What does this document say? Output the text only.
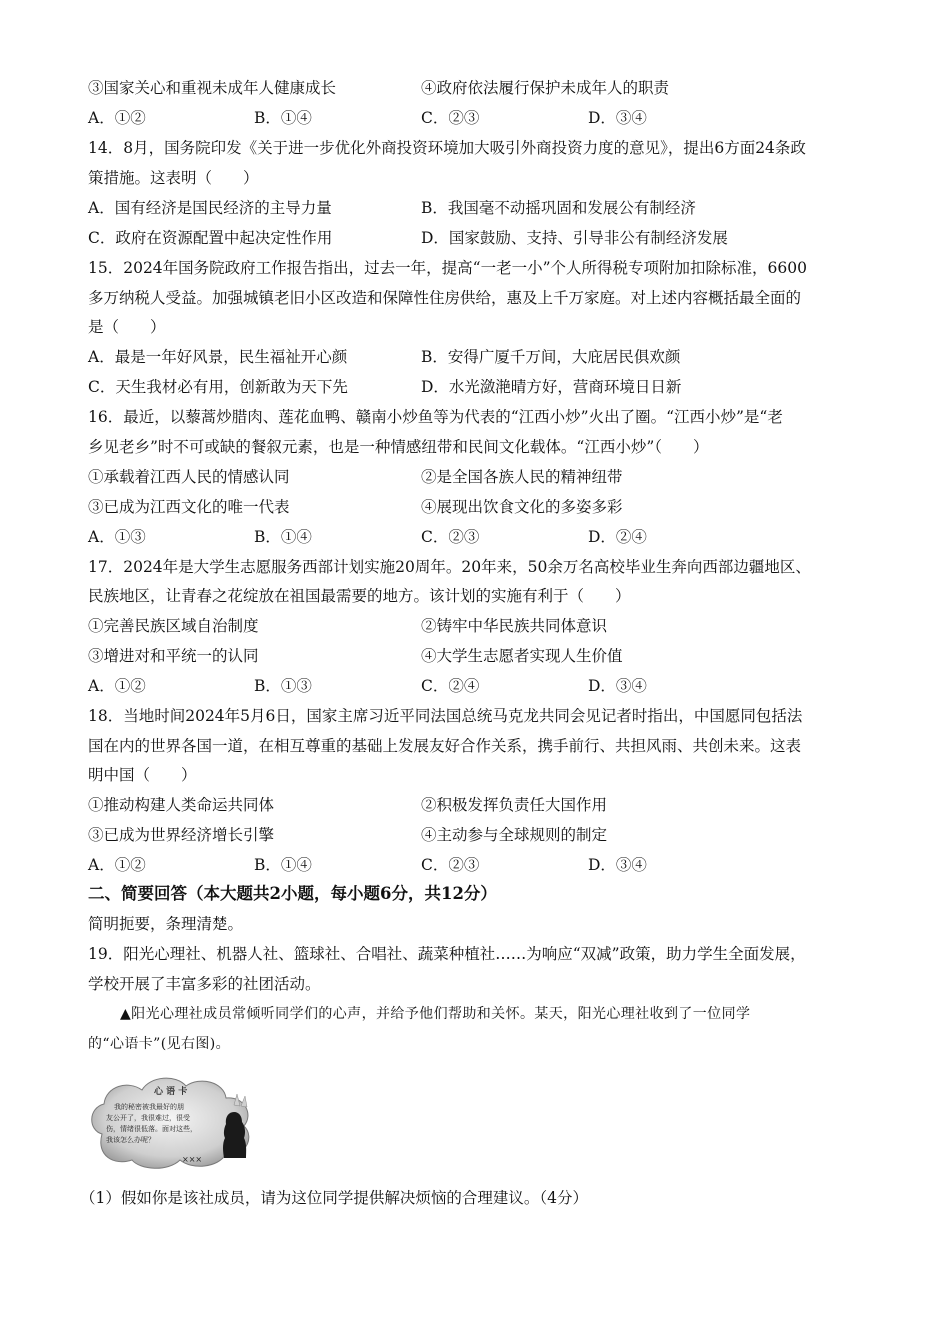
③国家关心和重视未成年人健康成长	④政府依法履行保护未成年人的职责
A．①②	B．①④	C．②③	D．③④
14．8月，国务院印发《关于进一步优化外商投资环境加大吸引外商投资力度的意见》，提出6方面24条政
策措施。这表明（　　）
A．国有经济是国民经济的主导力量	B．我国毫不动摇巩固和发展公有制经济
C．政府在资源配置中起决定性作用	D．国家鼓励、支持、引导非公有制经济发展
15．2024年国务院政府工作报告指出，过去一年，提高“一老一小”个人所得税专项附加扣除标准，6600
多万纳税人受益。加强城镇老旧小区改造和保障性住房供给，惠及上千万家庭。对上述内容概括最全面的
是（　　）
A．最是一年好风景，民生福祉开心颜	B．安得广厦千万间，大庇居民俱欢颜
C．天生我材必有用，创新敢为天下先	D．水光潋滟晴方好，营商环境日日新
16．最近，以藜蒿炒腊肉、莲花血鸭、赣南小炒鱼等为代表的“江西小炒”火出了圈。“江西小炒”是“老
乡见老乡”时不可或缺的餐叙元素，也是一种情感纽带和民间文化载体。“江西小炒”（　　）
①承载着江西人民的情感认同	②是全国各族人民的精神纽带
③已成为江西文化的唯一代表	④展现出饮食文化的多姿多彩
A．①③	B．①④	C．②③	D．②④
17．2024年是大学生志愿服务西部计划实施20周年。20年来，50余万名高校毕业生奔向西部边疆地区、
民族地区，让青春之花绽放在祖国最需要的地方。该计划的实施有利于（　　）
①完善民族区域自治制度	②铸牢中华民族共同体意识
③增进对和平统一的认同	④大学生志愿者实现人生价值
A．①②	B．①③	C．②④	D．③④
18．当地时间2024年5月6日，国家主席习近平同法国总统马克龙共同会见记者时指出，中国愿同包括法
国在内的世界各国一道，在相互尊重的基础上发展友好合作关系，携手前行、共担风雨、共创未来。这表
明中国（　　）
①推动构建人类命运共同体	②积极发挥负责任大国作用
③已成为世界经济增长引擎	④主动参与全球规则的制定
A．①②	B．①④	C．②③	D．③④
二、简要回答（本大题共2小题，每小题6分，共12分）
简明扼要，条理清楚。
19．阳光心理社、机器人社、篮球社、合唱社、蔬菜种植社……为响应“双减”政策，助力学生全面发展，
学校开展了丰富多彩的社团活动。
▲阳光心理社成员常倾听同学们的心声，并给予他们帮助和关怀。某天，阳光心理社收到了一位同学
的“心语卡”(见右图)。
心 语 卡
我的秘密被我最好的朋
友公开了，我很难过，很受
伤，情绪很低落。面对这些，
我该怎么办呢？
×××
（1）假如你是该社成员，请为这位同学提供解决烦恼的合理建议。（4分）
